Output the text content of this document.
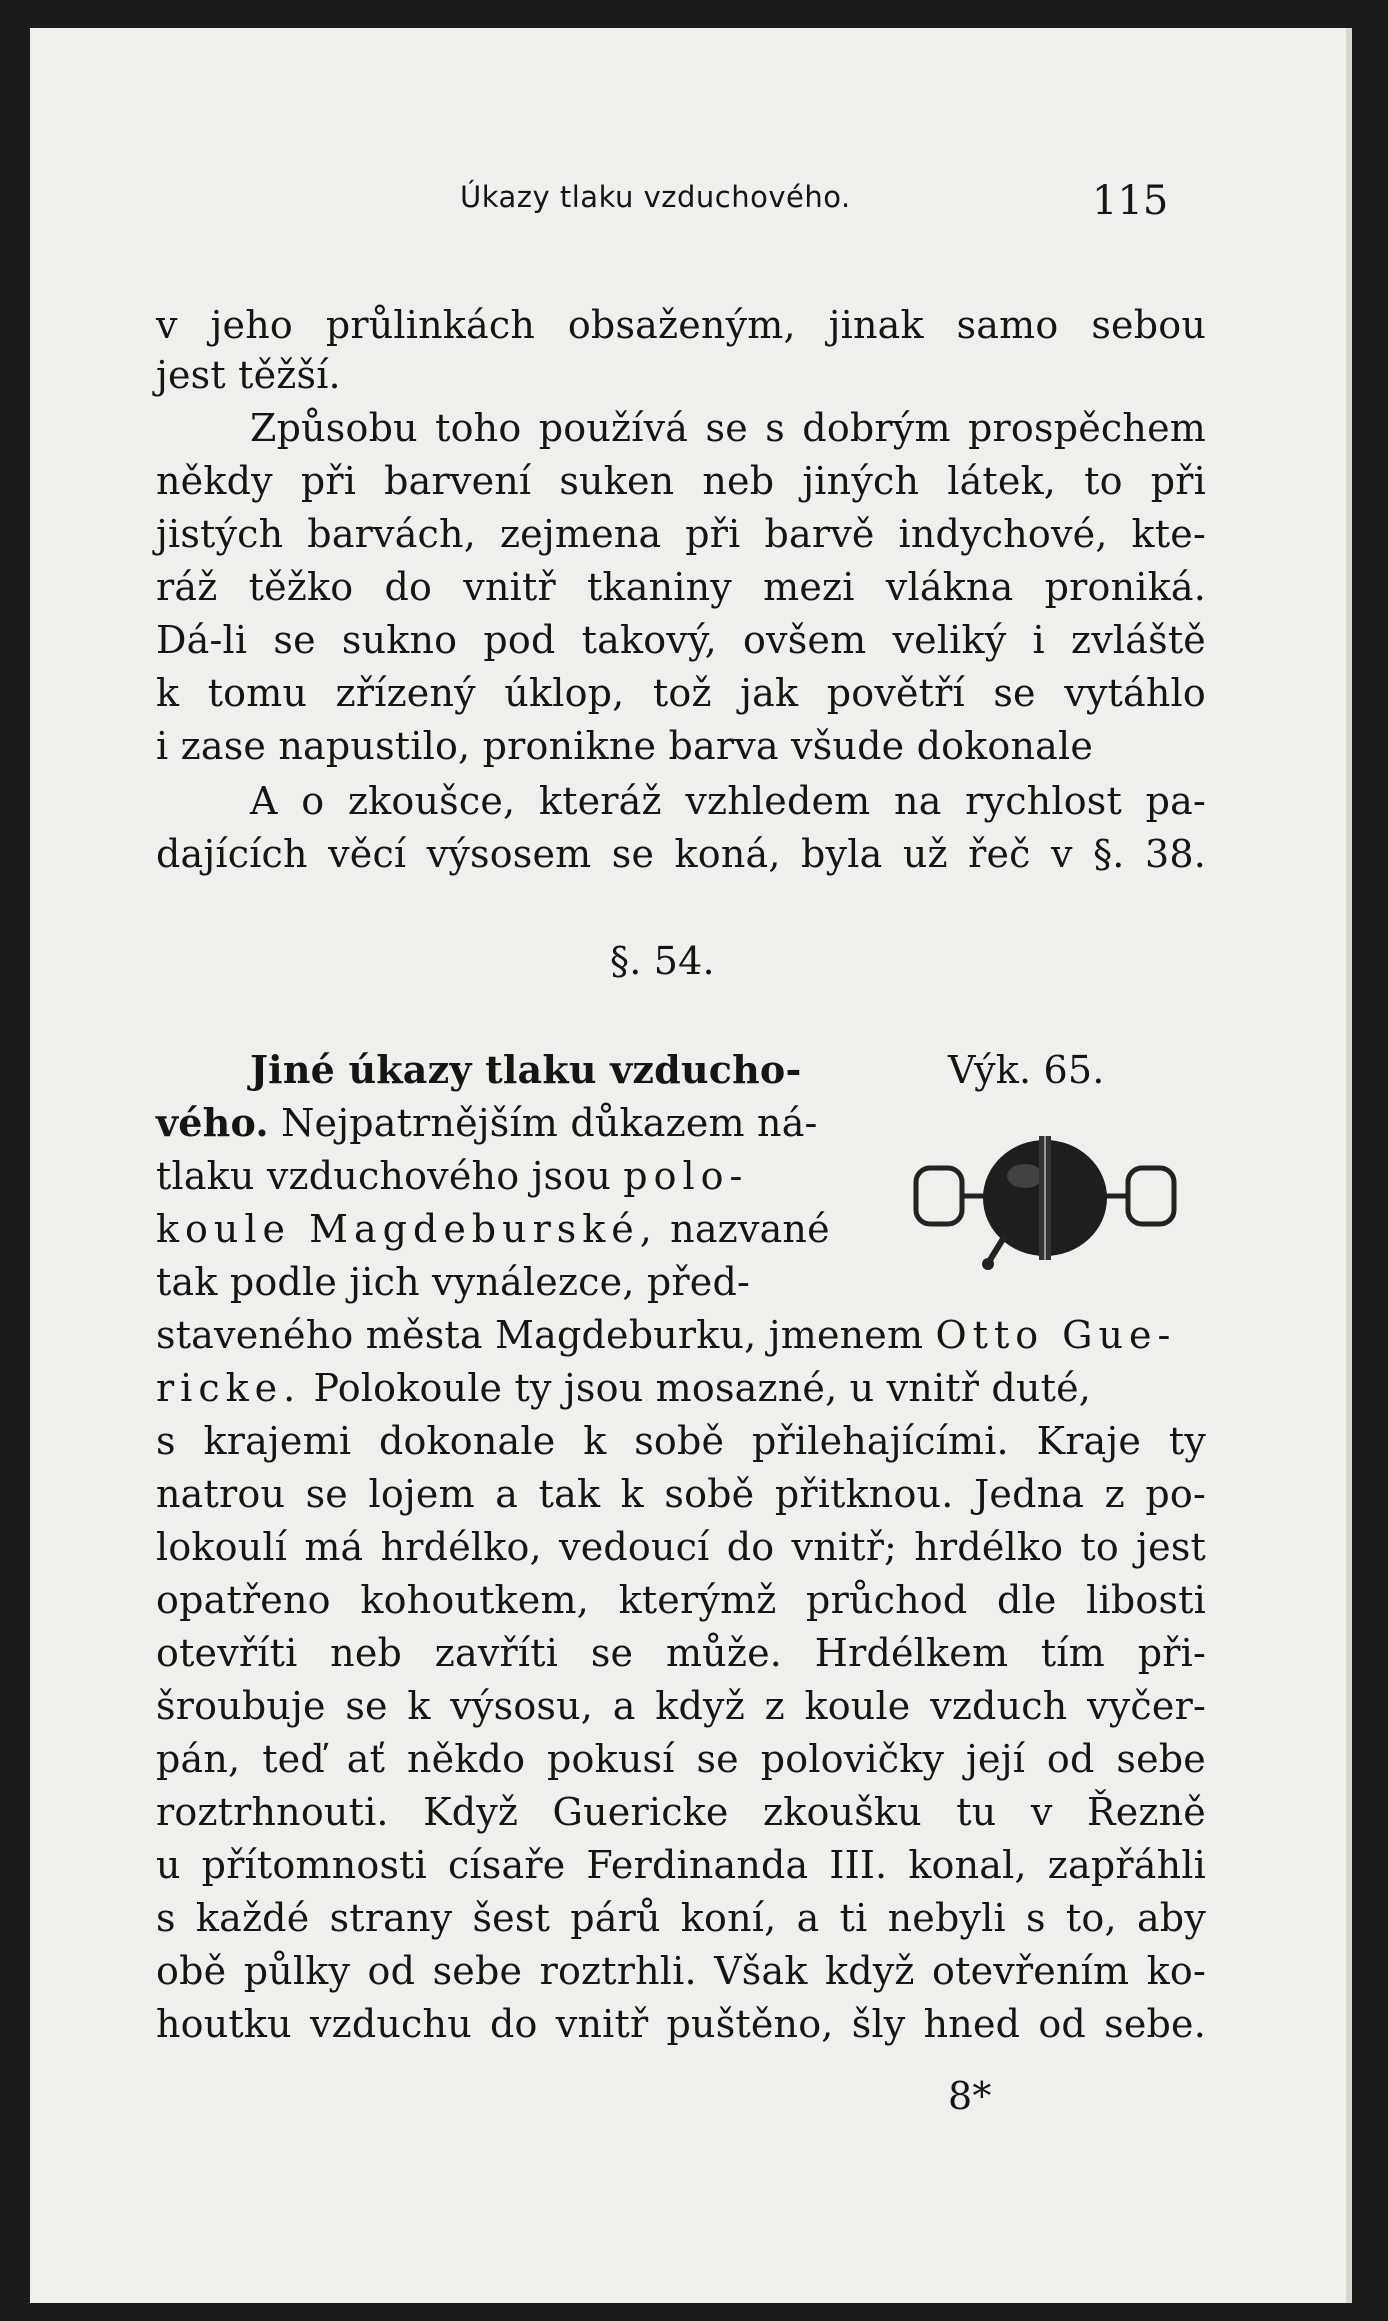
Úkazy tlaku vzduchového.	115
v jeho průlinkách obsaženým, jinak samo sebou
jest těžší.
Způsobu toho používá se s dobrým prospěchem
někdy při barvení suken neb jiných látek, to při
jistých barvách, zejmena při barvě indychové, kte-
ráž těžko do vnitř tkaniny mezi vlákna proniká.
Dá-li se sukno pod takový, ovšem veliký i zvláště
k tomu zřízený úklop, tož jak povětří se vytáhlo
i zase napustilo, pronikne barva všude dokonale
A o zkoušce, kteráž vzhledem na rychlost pa-
dajících věcí výsosem se koná, byla už řeč v §. 38.
§. 54.
Jiné úkazy tlaku vzducho-	Výk. 65.
vého. Nejpatrnějším důkazem ná-
tlaku vzduchového jsou polo-
koule Magdeburské, nazvané
tak podle jich vynálezce, před-
staveného města Magdeburku, jmenem Otto Gue-
ricke. Polokoule ty jsou mosazné, u vnitř duté,
s krajemi dokonale k sobě přilehajícími. Kraje ty
natrou se lojem a tak k sobě přitknou. Jedna z po-
lokoulí má hrdélko, vedoucí do vnitř; hrdélko to jest
opatřeno kohoutkem, kterýmž průchod dle libosti
otevříti neb zavříti se může. Hrdélkem tím při-
šroubuje se k výsosu, a když z koule vzduch vyčer-
pán, teď ať někdo pokusí se polovičky její od sebe
roztrhnouti. Když Guericke zkoušku tu v Řezně
u přítomnosti císaře Ferdinanda III. konal, zapřáhli
s každé strany šest párů koní, a ti nebyli s to, aby
obě půlky od sebe roztrhli. Však když otevřením ko-
houtku vzduchu do vnitř puštěno, šly hned od sebe.
8*
